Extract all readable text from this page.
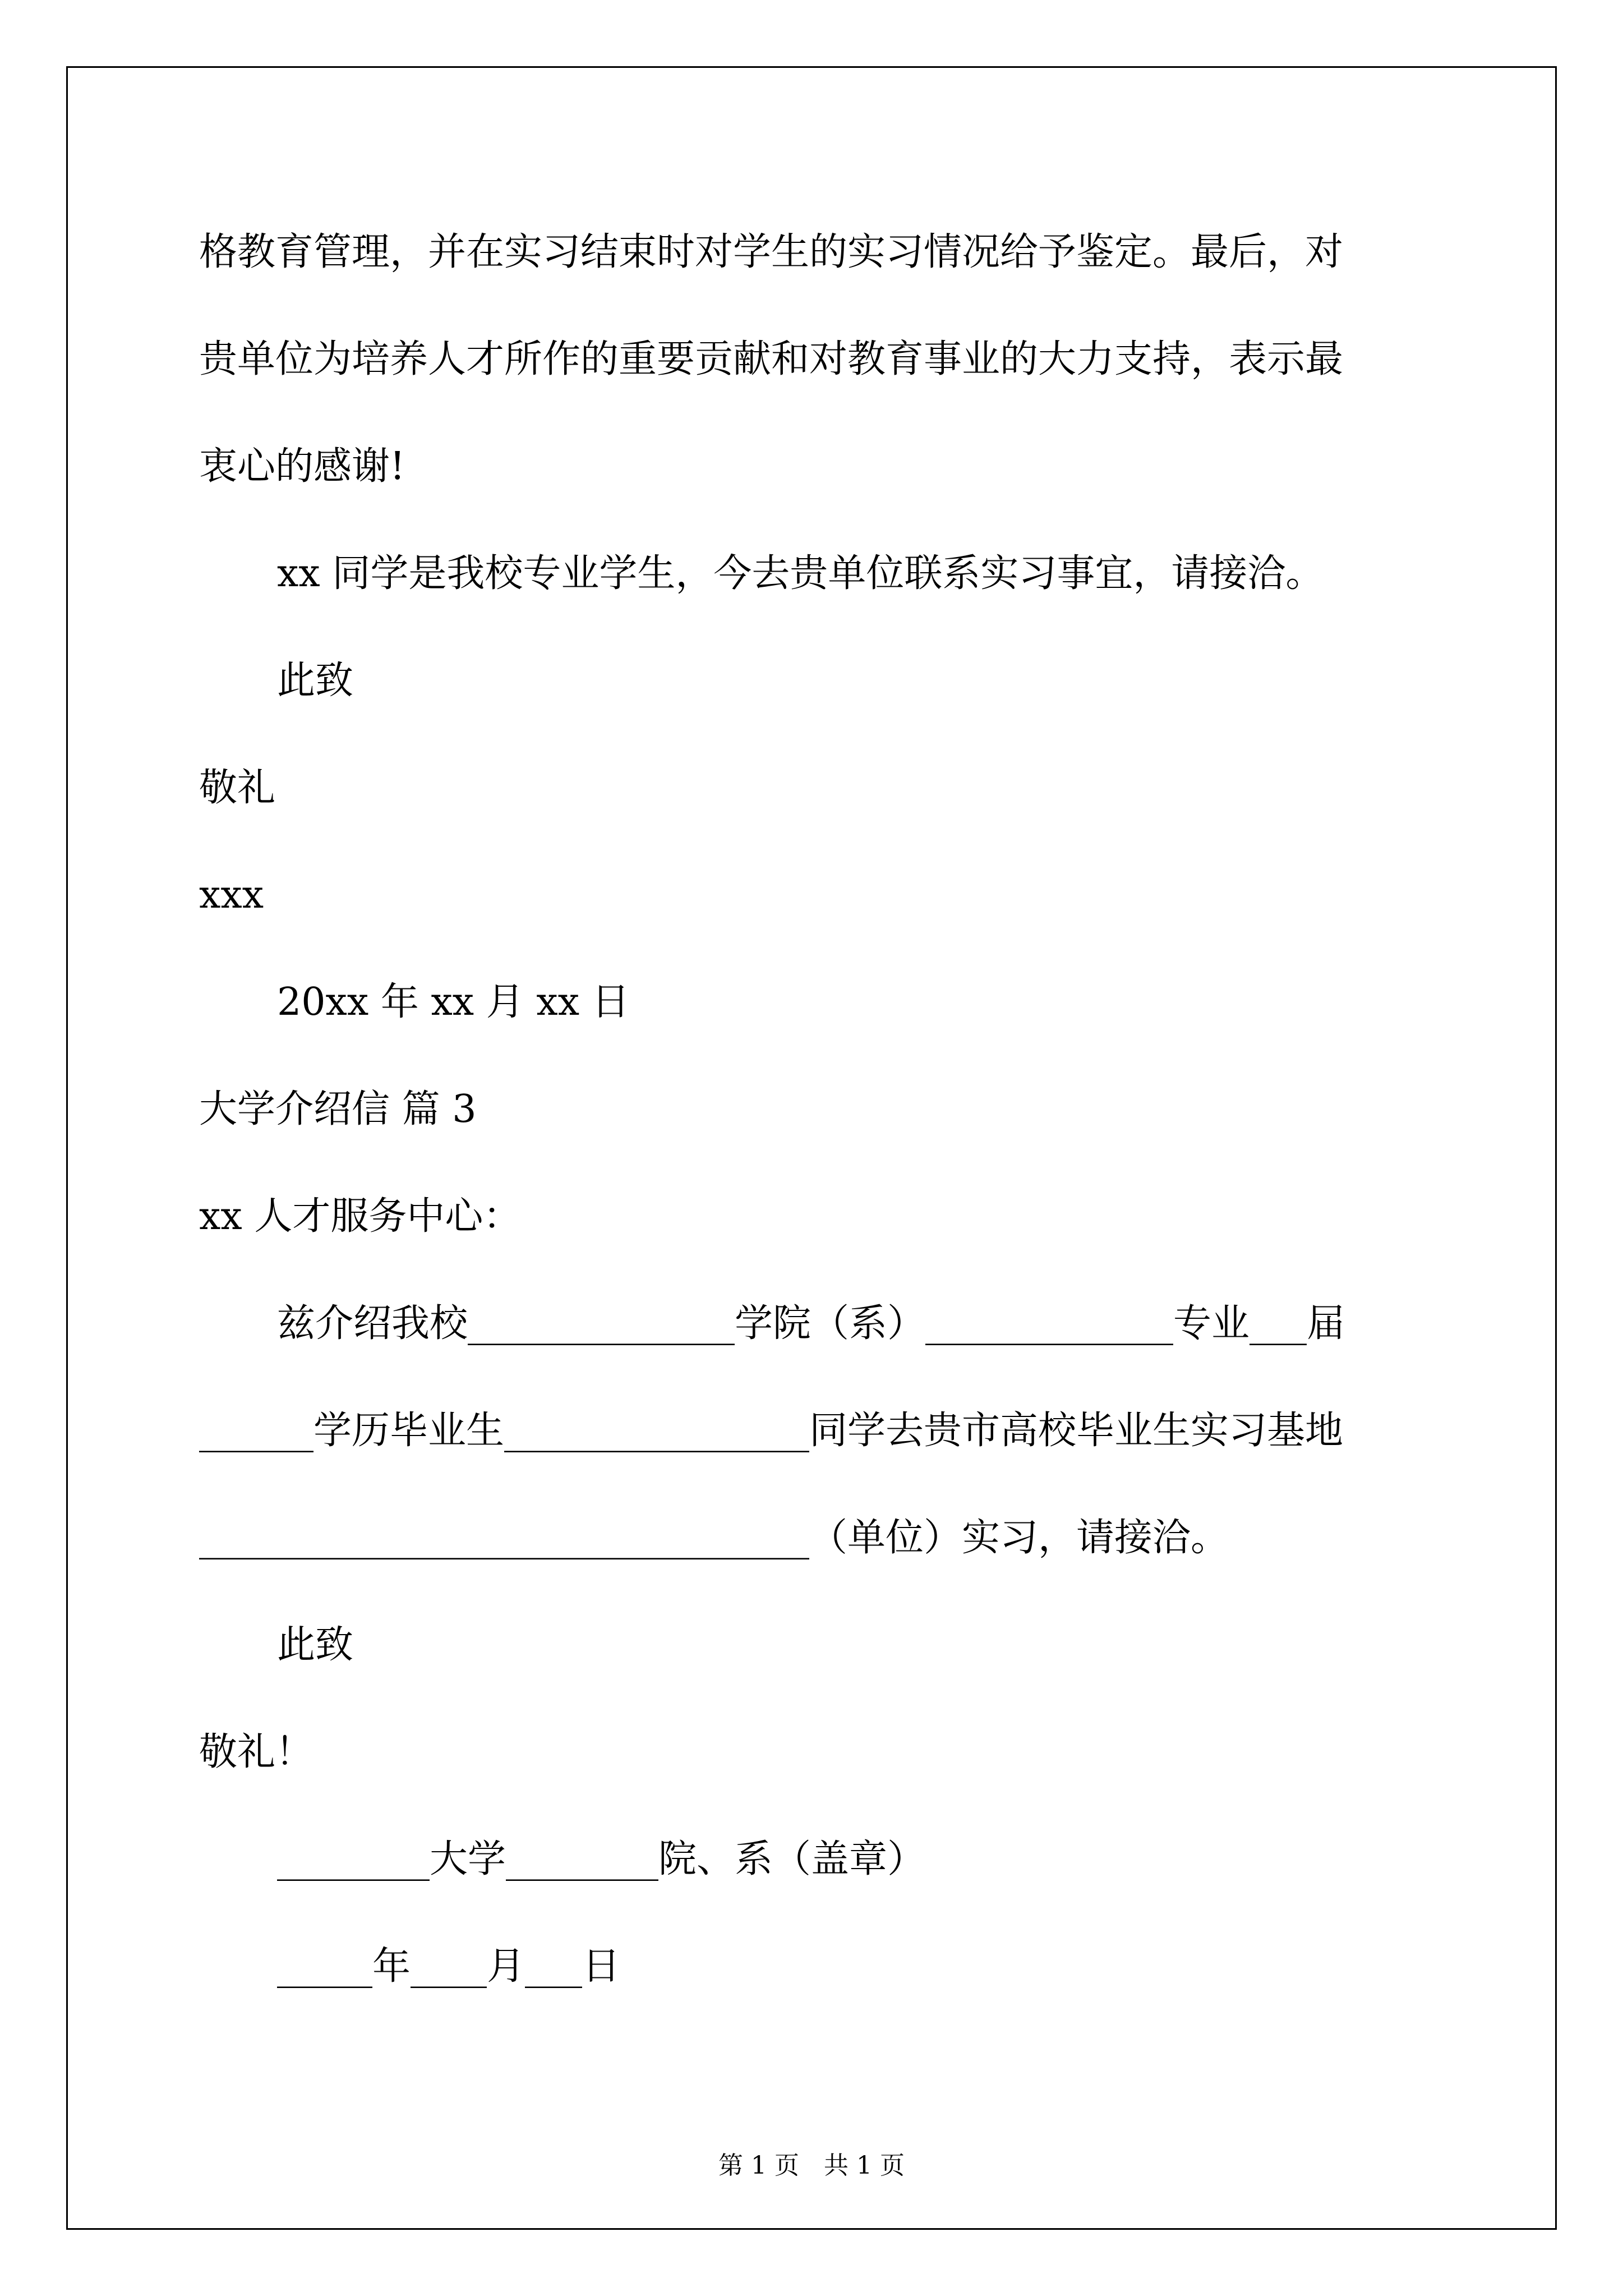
格教育管理，并在实习结束时对学生的实习情况给予鉴定。最后，对
贵单位为培养人才所作的重要贡献和对教育事业的大力支持，表示最
衷心的感谢!
xx 同学是我校专业学生，今去贵单位联系实习事宜，请接洽。
此致
敬礼
xxx
20xx 年 xx 月 xx 日
大学介绍信 篇 3
xx 人才服务中心：
兹介绍我校______________学院（系）_____________专业___届
______学历毕业生________________同学去贵市高校毕业生实习基地
________________________________（单位）实习，请接洽。
此致
敬礼！
________大学________院、系（盖章）
_____年____月___日
第 1 页　共 1 页
